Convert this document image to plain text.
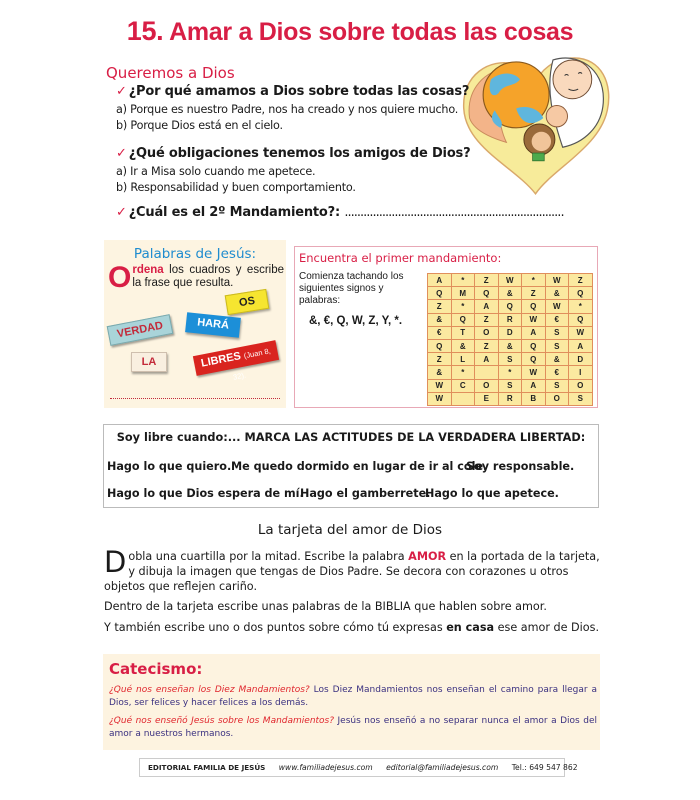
15. Amar a Dios sobre todas las cosas
Queremos a Dios
✓ ¿Por qué amamos a Dios sobre todas las cosas?
a) Porque es nuestro Padre, nos ha creado y nos quiere mucho.
b) Porque Dios está en el cielo.
✓ ¿Qué obligaciones tenemos los amigos de Dios?
a) Ir a Misa solo cuando me apetece.
b) Responsabilidad y buen comportamiento.
✓ ¿Cuál es el 2º Mandamiento?: ......................................................................
Palabras de Jesús:
Ordena los cuadros y escribe la frase que resulta.
OS
VERDAD	HARÁ
LA	LIBRES (Juan 8, 32).
Encuentra el primer mandamiento:
Comienza tachando los siguientes signos y palabras:
&, €, Q, W, Z, Y, *.
A	*	Z	W	*	W	Z
Q	M	Q	&	Z	&	Q
Z	*	A	Q	Q	W	*
&	Q	Z	R	W	€	Q
€	T	O	D	A	S	W
Q	&	Z	&	Q	S	A
Z	L	A	S	Q	&	D
&	*		*	W	€	I
W	C	O	S	A	S	O
W		E	R	B	O	S
Soy libre cuando:... MARCA LAS ACTITUDES DE LA VERDADERA LIBERTAD:
Hago lo que quiero. Me quedo dormido en lugar de ir al cole.
Soy responsable.
Hago lo que Dios espera de mí.
Hago el gamberrete.
Hago lo que apetece.
La tarjeta del amor de Dios
Dobla una cuartilla por la mitad. Escribe la palabra AMOR en la portada de la tarjeta, y dibuja la imagen que tengas de Dios Padre. Se decora con corazones u otros objetos que reflejen cariño.
Dentro de la tarjeta escribe unas palabras de la BIBLIA que hablen sobre amor.
Y también escribe uno o dos puntos sobre cómo tú expresas en casa ese amor de Dios.
Catecismo:
¿Qué nos enseñan los Diez Mandamientos? Los Diez Mandamientos nos enseñan el camino para llegar a Dios, ser felices y hacer felices a los demás.
¿Qué nos enseñó Jesús sobre los Mandamientos? Jesús nos enseñó a no separar nunca el amor a Dios del amor a nuestros hermanos.
EDITORIAL FAMILIA DE JESÚS www.familiadejesus.com editorial@familiadejesus.com Tel.: 649 547 862
